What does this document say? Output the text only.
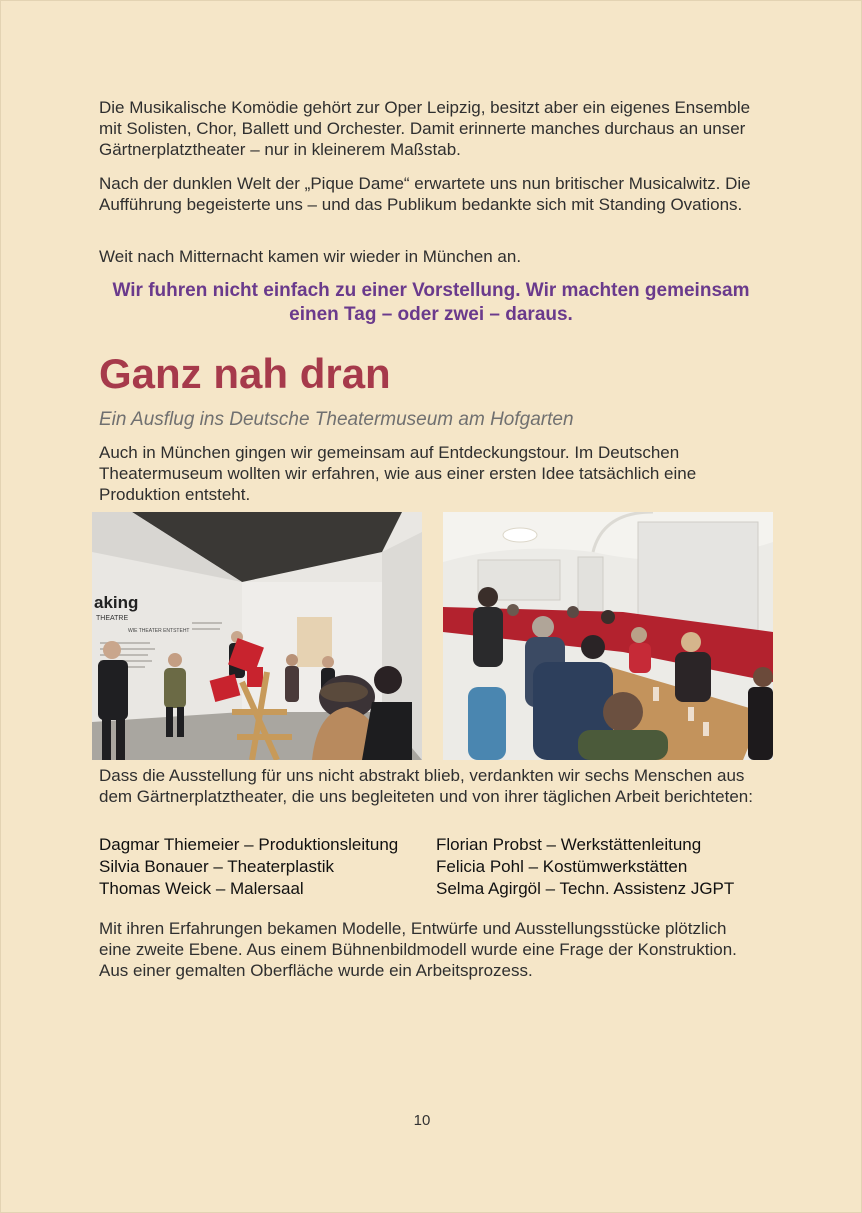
Die Musikalische Komödie gehört zur Oper Leipzig, besitzt aber ein eigenes Ensemble mit Solisten, Chor, Ballett und Orchester. Damit erinnerte manches durchaus an unser Gärtnerplatztheater – nur in kleinerem Maßstab.

Nach der dunklen Welt der „Pique Dame“ erwartete uns nun britischer Musicalwitz. Die Aufführung begeisterte uns – und das Publikum bedankte sich mit Standing Ovations.

Weit nach Mitternacht kamen wir wieder in München an.

Wir fuhren nicht einfach zu einer Vorstellung. Wir machten gemeinsam einen Tag – oder zwei – daraus.
Ganz nah dran
Ein Ausflug ins Deutsche Theatermuseum am Hofgarten

Auch in München gingen wir gemeinsam auf Entdeckungstour. Im Deutschen Theatermuseum wollten wir erfahren, wie aus einer ersten Idee tatsächlich eine Produktion entsteht.

aking
THEATRE
WIE THEATER ENTSTEHT

Dass die Ausstellung für uns nicht abstrakt blieb, verdankten wir sechs Menschen aus dem Gärtnerplatztheater, die uns begleiteten und von ihrer täglichen Arbeit berichteten:

Dagmar Thiemeier – Produktionsleitung	Florian Probst – Werkstättenleitung
Silvia Bonauer – Theaterplastik	Felicia Pohl – Kostümwerkstätten
Thomas Weick – Malersaal	Selma Agirgöl – Techn. Assistenz JGPT

Mit ihren Erfahrungen bekamen Modelle, Entwürfe und Ausstellungsstücke plötzlich eine zweite Ebene. Aus einem Bühnenbildmodell wurde eine Frage der Konstruktion. Aus einer gemalten Oberfläche wurde ein Arbeitsprozess.

10
